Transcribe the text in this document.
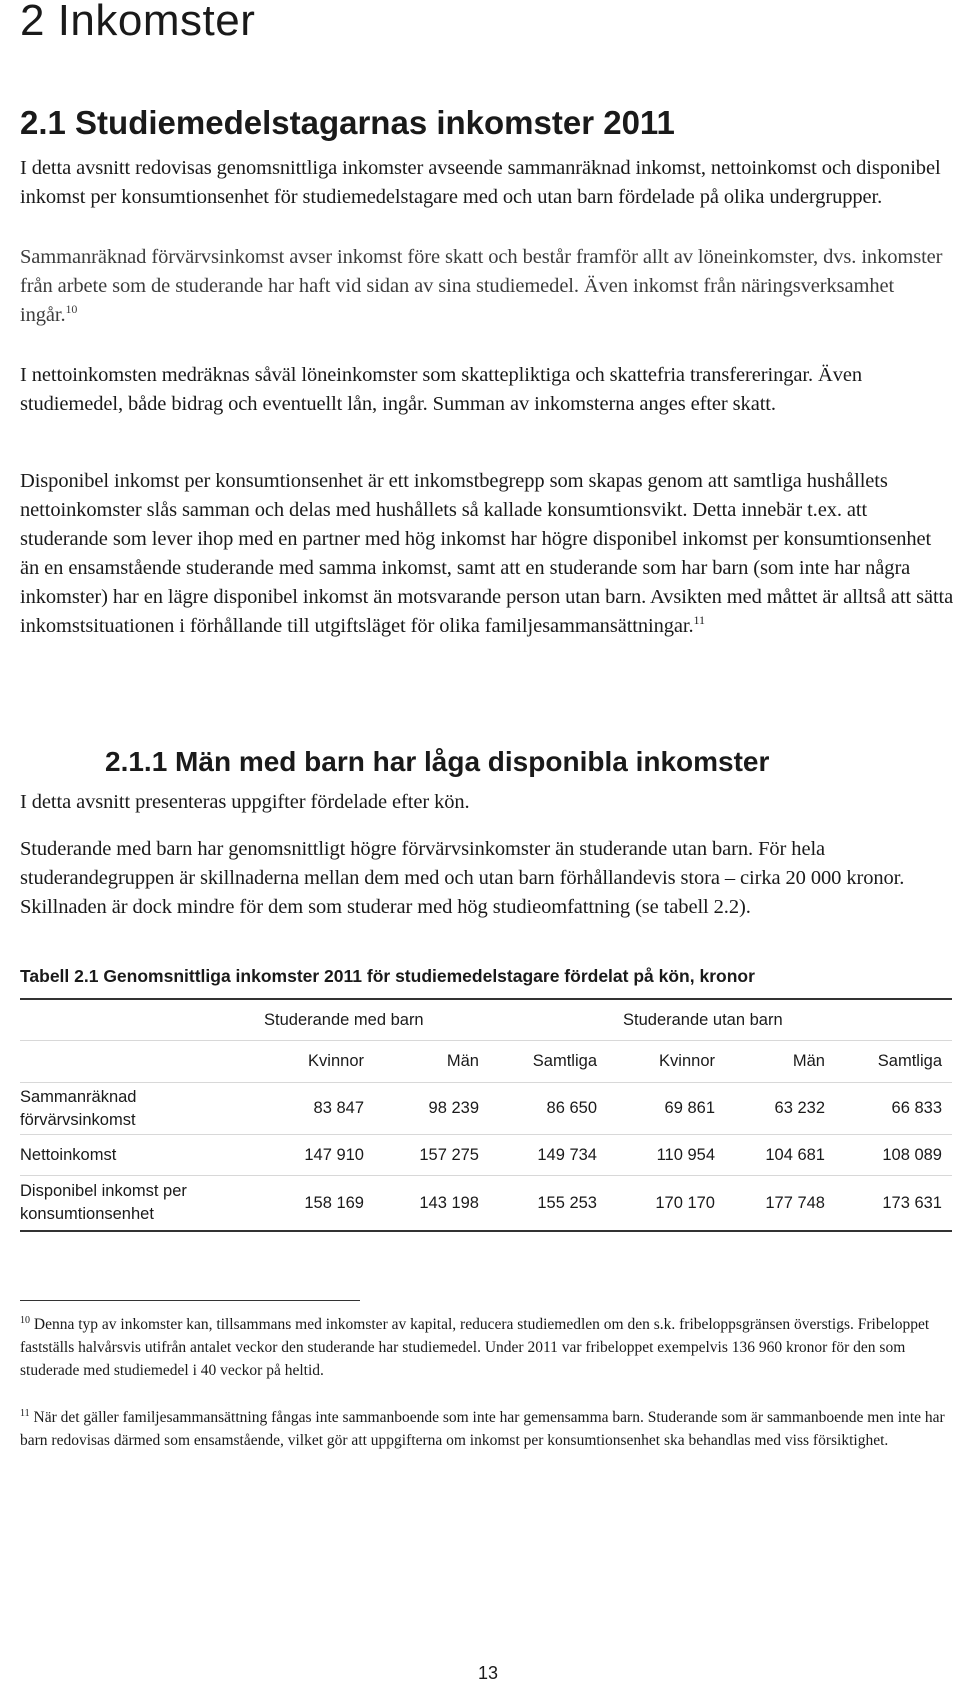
2 Inkomster
2.1 Studiemedelstagarnas inkomster 2011

I detta avsnitt redovisas genomsnittliga inkomster avseende sammanräknad inkomst, nettoinkomst och disponibel inkomst per konsumtionsenhet för studiemedelstagare med och utan barn fördelade på olika undergrupper.

Sammanräknad förvärvsinkomst avser inkomst före skatt och består framför allt av löneinkomster, dvs. inkomster från arbete som de studerande har haft vid sidan av sina studiemedel. Även inkomst från näringsverksamhet ingår.$^{10}$

I nettoinkomsten medräknas såväl löneinkomster som skattepliktiga och skattefria transfereringar. Även studiemedel, både bidrag och eventuellt lån, ingår. Summan av inkomsterna anges efter skatt.

Disponibel inkomst per konsumtionsenhet är ett inkomstbegrepp som skapas genom att samtliga hushållets nettoinkomster slås samman och delas med hushållets så kallade konsumtionsvikt. Detta innebär t.ex. att studerande som lever ihop med en partner med hög inkomst har högre disponibel inkomst per konsumtionsenhet än en ensamstående studerande med samma inkomst, samt att en studerande som har barn (som inte har några inkomster) har en lägre disponibel inkomst än motsvarande person utan barn. Avsikten med måttet är alltså att sätta inkomstsituationen i förhållande till utgiftsläget för olika familjesammansättningar.$^{11}$

2.1.1 Män med barn har låga disponibla inkomster

I detta avsnitt presenteras uppgifter fördelade efter kön.

Studerande med barn har genomsnittligt högre förvärvsinkomster än studerande utan barn. För hela studerandegruppen är skillnaderna mellan dem med och utan barn förhållandevis stora – cirka 20 000 kronor. Skillnaden är dock mindre för dem som studerar med hög studieomfattning (se tabell 2.2).

Tabell 2.1 Genomsnittliga inkomster 2011 för studiemedelstagare fördelat på kön, kronor

	Studerande med barn			Studerande utan barn		
	Kvinnor	Män	Samtliga	Kvinnor	Män	Samtliga
Sammanräknad förvärvsinkomst	83 847	98 239	86 650	69 861	63 232	66 833
Nettoinkomst	147 910	157 275	149 734	110 954	104 681	108 089
Disponibel inkomst per konsumtionsenhet	158 169	143 198	155 253	170 170	177 748	173 631

$^{10}$ Denna typ av inkomster kan, tillsammans med inkomster av kapital, reducera studiemedlen om den s.k. fribeloppsgränsen överstigs. Fribeloppet fastställs halvårsvis utifrån antalet veckor den studerande har studiemedel. Under 2011 var fribeloppet exempelvis 136 960 kronor för den som studerade med studiemedel i 40 veckor på heltid.

$^{11}$ När det gäller familjesammansättning fångas inte sammanboende som inte har gemensamma barn. Studerande som är sammanboende men inte har barn redovisas därmed som ensamstående, vilket gör att uppgifterna om inkomst per konsumtionsenhet ska behandlas med viss försiktighet.

13
